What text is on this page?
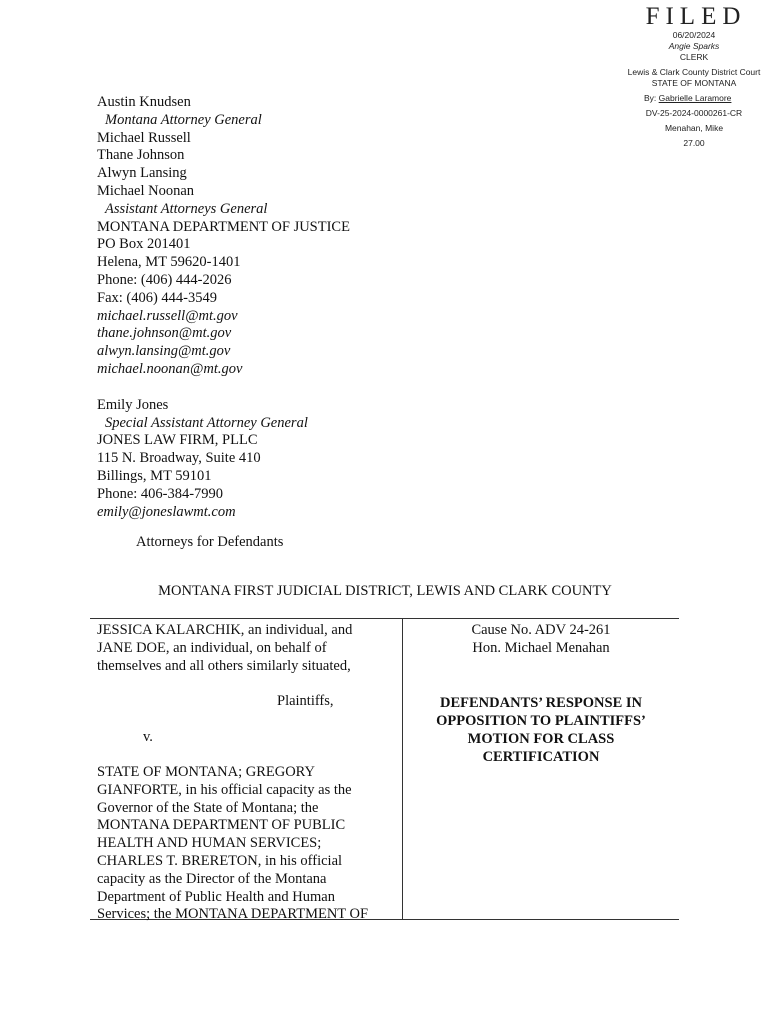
FILED
06/20/2024
Angie Sparks
CLERK
Lewis & Clark County District Court
STATE OF MONTANA
By: Gabrielle Laramore
DV-25-2024-0000261-CR
Menahan, Mike
27.00
Austin Knudsen
Montana Attorney General
Michael Russell
Thane Johnson
Alwyn Lansing
Michael Noonan
Assistant Attorneys General
MONTANA DEPARTMENT OF JUSTICE
PO Box 201401
Helena, MT 59620-1401
Phone: (406) 444-2026
Fax: (406) 444-3549
michael.russell@mt.gov
thane.johnson@mt.gov
alwyn.lansing@mt.gov
michael.noonan@mt.gov
Emily Jones
Special Assistant Attorney General
JONES LAW FIRM, PLLC
115 N. Broadway, Suite 410
Billings, MT 59101
Phone: 406-384-7990
emily@joneslawmt.com
Attorneys for Defendants
MONTANA FIRST JUDICIAL DISTRICT, LEWIS AND CLARK COUNTY
JESSICA KALARCHIK, an individual, and
JANE DOE, an individual, on behalf of
themselves and all others similarly situated,
Plaintiffs,
v.
STATE OF MONTANA; GREGORY
GIANFORTE, in his official capacity as the
Governor of the State of Montana; the
MONTANA DEPARTMENT OF PUBLIC
HEALTH AND HUMAN SERVICES;
CHARLES T. BRERETON, in his official
capacity as the Director of the Montana
Department of Public Health and Human
Services; the MONTANA DEPARTMENT OF
Cause No. ADV 24-261
Hon. Michael Menahan
DEFENDANTS’ RESPONSE IN
OPPOSITION TO PLAINTIFFS’
MOTION FOR CLASS
CERTIFICATION
